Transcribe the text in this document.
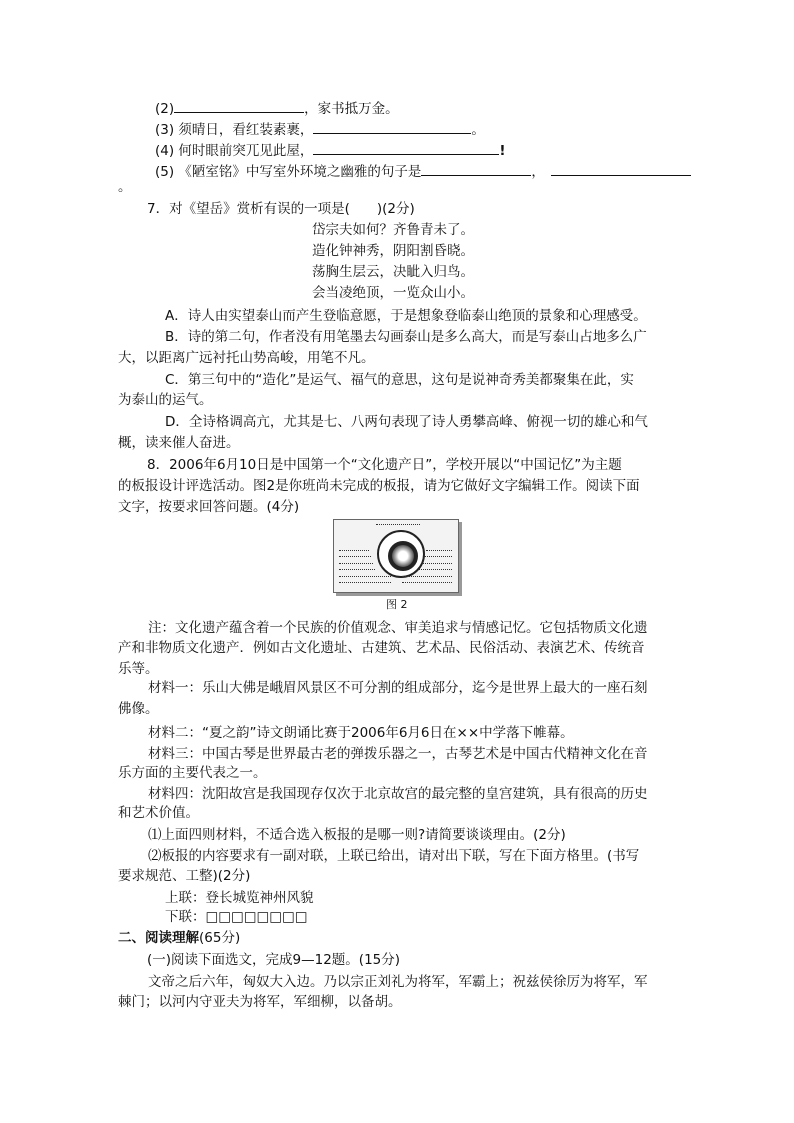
(2)	，家书抵万金。
(3) 须晴日，看红装素裹，	。
(4) 何时眼前突兀见此屋，	!
(5) 《陋室铭》中写室外环境之幽雅的句子是	，
。
7．对《望岳》赏析有误的一项是(　　)(2分)
岱宗夫如何？齐鲁青未了。
造化钟神秀，阴阳割昏晓。
荡胸生层云，决眦入归鸟。
会当凌绝顶，一览众山小。
A．诗人由实望泰山而产生登临意愿，于是想象登临泰山绝顶的景象和心理感受。
B．诗的第二句，作者没有用笔墨去勾画泰山是多么高大，而是写泰山占地多么广
大，以距离广远衬托山势高峻，用笔不凡。
C．第三句中的“造化”是运气、福气的意思，这句是说神奇秀美都聚集在此，实
为泰山的运气。
D．全诗格调高亢，尤其是七、八两句表现了诗人勇攀高峰、俯视一切的雄心和气
概，读来催人奋进。
8．2006年6月10日是中国第一个“文化遗产日”，学校开展以“中国记忆”为主题
的板报设计评选活动。图2是你班尚未完成的板报，请为它做好文字编辑工作。阅读下面
文字，按要求回答问题。(4分)
图 2
注：文化遗产蕴含着一个民族的价值观念、审美追求与情感记忆。它包括物质文化遗
产和非物质文化遗产．例如古文化遗址、古建筑、艺术品、民俗活动、表演艺术、传统音
乐等。
材料一：乐山大佛是峨眉风景区不可分割的组成部分，迄今是世界上最大的一座石刻
佛像。
材料二：“夏之韵”诗文朗诵比赛于2006年6月6日在××中学落下帷幕。
材料三：中国古琴是世界最古老的弹拨乐器之一，古琴艺术是中国古代精神文化在音
乐方面的主要代表之一。
材料四：沈阳故宫是我国现存仅次于北京故宫的最完整的皇宫建筑，具有很高的历史
和艺术价值。
⑴上面四则材料，不适合选入板报的是哪一则?请简要谈谈理由。(2分)
⑵板报的内容要求有一副对联，上联已给出，请对出下联，写在下面方格里。(书写
要求规范、工整)(2分)
上联：登长城览神州风貌
下联：□□□□□□□□
二、阅读理解(65分)
(一)阅读下面选文，完成9—12题。(15分)
文帝之后六年，匈奴大入边。乃以宗正刘礼为将军，军霸上；祝兹侯徐厉为将军，军
棘门；以河内守亚夫为将军，军细柳，以备胡。
